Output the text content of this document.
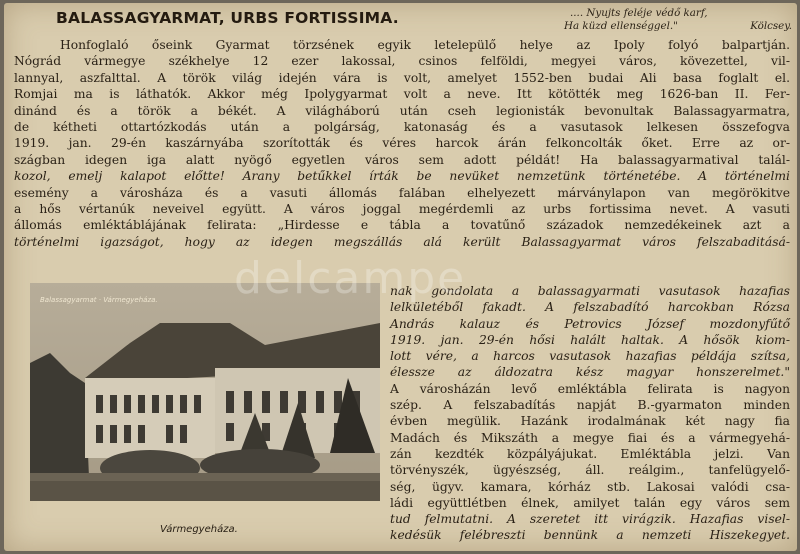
BALASSAGYARMAT, URBS FORTISSIMA.	.... Nyujts feléje védő karf,
Ha küzd ellenséggel."	Kölcsey.
Honfoglaló őseink Gyarmat törzsének egyik letelepülő helye az Ipoly folyó balpartján.
Nógrád vármegye székhelye 12 ezer lakossal, csinos felföldi, megyei város, kövezettel, vil-
lannyal, aszfalttal. A török világ idején vára is volt, amelyet 1552-ben budai Ali basa foglalt el.
Romjai ma is láthatók. Akkor még Ipolygyarmat volt a neve. Itt kötötték meg 1626-ban II. Fer-
dinánd és a török a békét. A világháború után cseh legionisták bevonultak Balassagyarmatra,
de kétheti ottartózkodás után a polgárság, katonaság és a vasutasok lelkesen összefogva
1919. jan. 29-én kaszárnyába szorították és véres harcok árán felkoncolták őket. Erre az or-
szágban idegen iga alatt nyögő egyetlen város sem adott példát! Ha balassagyarmatival talál-
kozol, emelj kalapot előtte! Arany betűkkel írták be nevüket nemzetünk történetébe. A történelmi
esemény a városháza és a vasuti állomás falában elhelyezett márványlapon van megörökitve
a hős vértanúk neveivel együtt. A város joggal megérdemli az urbs fortissima nevet. A vasuti
állomás emléktáblájának felirata: „Hirdesse e tábla a tovatűnő századok nemzedékeinek azt a
történelmi igazságot, hogy az idegen megszállás alá került Balassagyarmat város felszabaditásá-
Balassagyarmat · Vármegyeháza.
Vármegyeháza.
nak gondolata a balassagyarmati vasutasok hazafias
lelkületéből fakadt. A felszabadító harcokban Rózsa
András kalauz és Petrovics József mozdonyfűtő
1919. jan. 29-én hősi halált haltak. A hősök kiom-
lott vére, a harcos vasutasok hazafias példája szítsa,
élessze az áldozatra kész magyar honszerelmet."
A városházán levő emléktábla felirata is nagyon
szép. A felszabadítás napját B.-gyarmaton minden
évben megülik. Hazánk irodalmának két nagy fia
Madách és Mikszáth a megye fiai és a vármegyehá-
zán kezdték közpályájukat. Emléktábla jelzi. Van
törvényszék, ügyészség, áll. reálgim., tanfelügyelő-
ség, ügyv. kamara, kórház stb. Lakosai valódi csa-
ládi együttlétben élnek, amilyet talán egy város sem
tud felmutatni. A szeretet itt virágzik. Hazafias visel-
kedésük felébreszti bennünk a nemzeti Hiszekegyet.
delcampe
